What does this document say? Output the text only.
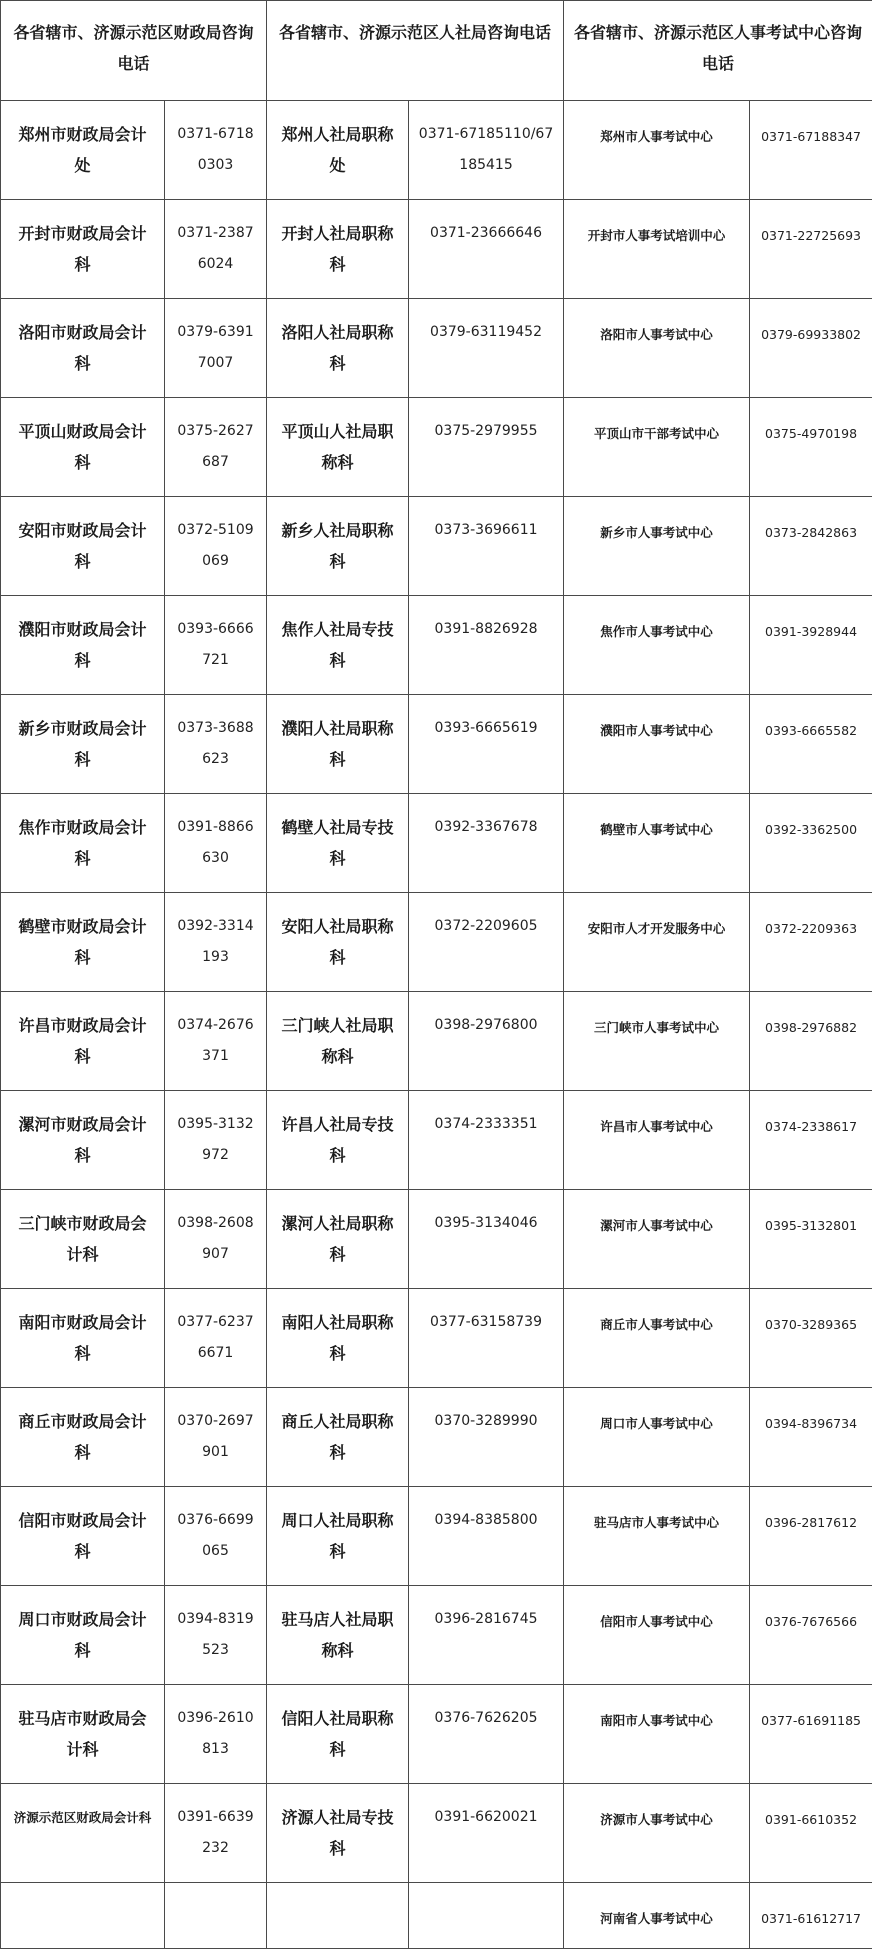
各省辖市、济源示范区财政局咨询电话		各省辖市、济源示范区人社局咨询电话		各省辖市、济源示范区人事考试中心咨询电话	
郑州市财政局会计处	0371-67180303	郑州人社局职称处	0371-67185110/67185415	郑州市人事考试中心	0371-67188347
开封市财政局会计科	0371-23876024	开封人社局职称科	0371-23666646	开封市人事考试培训中心	0371-22725693
洛阳市财政局会计科	0379-63917007	洛阳人社局职称科	0379-63119452	洛阳市人事考试中心	0379-69933802
平顶山财政局会计科	0375-2627687	平顶山人社局职称科	0375-2979955	平顶山市干部考试中心	0375-4970198
安阳市财政局会计科	0372-5109069	新乡人社局职称科	0373-3696611	新乡市人事考试中心	0373-2842863
濮阳市财政局会计科	0393-6666721	焦作人社局专技科	0391-8826928	焦作市人事考试中心	0391-3928944
新乡市财政局会计科	0373-3688623	濮阳人社局职称科	0393-6665619	濮阳市人事考试中心	0393-6665582
焦作市财政局会计科	0391-8866630	鹤壁人社局专技科	0392-3367678	鹤壁市人事考试中心	0392-3362500
鹤壁市财政局会计科	0392-3314193	安阳人社局职称科	0372-2209605	安阳市人才开发服务中心	0372-2209363
许昌市财政局会计科	0374-2676371	三门峡人社局职称科	0398-2976800	三门峡市人事考试中心	0398-2976882
漯河市财政局会计科	0395-3132972	许昌人社局专技科	0374-2333351	许昌市人事考试中心	0374-2338617
三门峡市财政局会计科	0398-2608907	漯河人社局职称科	0395-3134046	漯河市人事考试中心	0395-3132801
南阳市财政局会计科	0377-62376671	南阳人社局职称科	0377-63158739	商丘市人事考试中心	0370-3289365
商丘市财政局会计科	0370-2697901	商丘人社局职称科	0370-3289990	周口市人事考试中心	0394-8396734
信阳市财政局会计科	0376-6699065	周口人社局职称科	0394-8385800	驻马店市人事考试中心	0396-2817612
周口市财政局会计科	0394-8319523	驻马店人社局职称科	0396-2816745	信阳市人事考试中心	0376-7676566
驻马店市财政局会计科	0396-2610813	信阳人社局职称科	0376-7626205	南阳市人事考试中心	0377-61691185
济源示范区财政局会计科	0391-6639232	济源人社局专技科	0391-6620021	济源市人事考试中心	0391-6610352
				河南省人事考试中心	0371-61612717
